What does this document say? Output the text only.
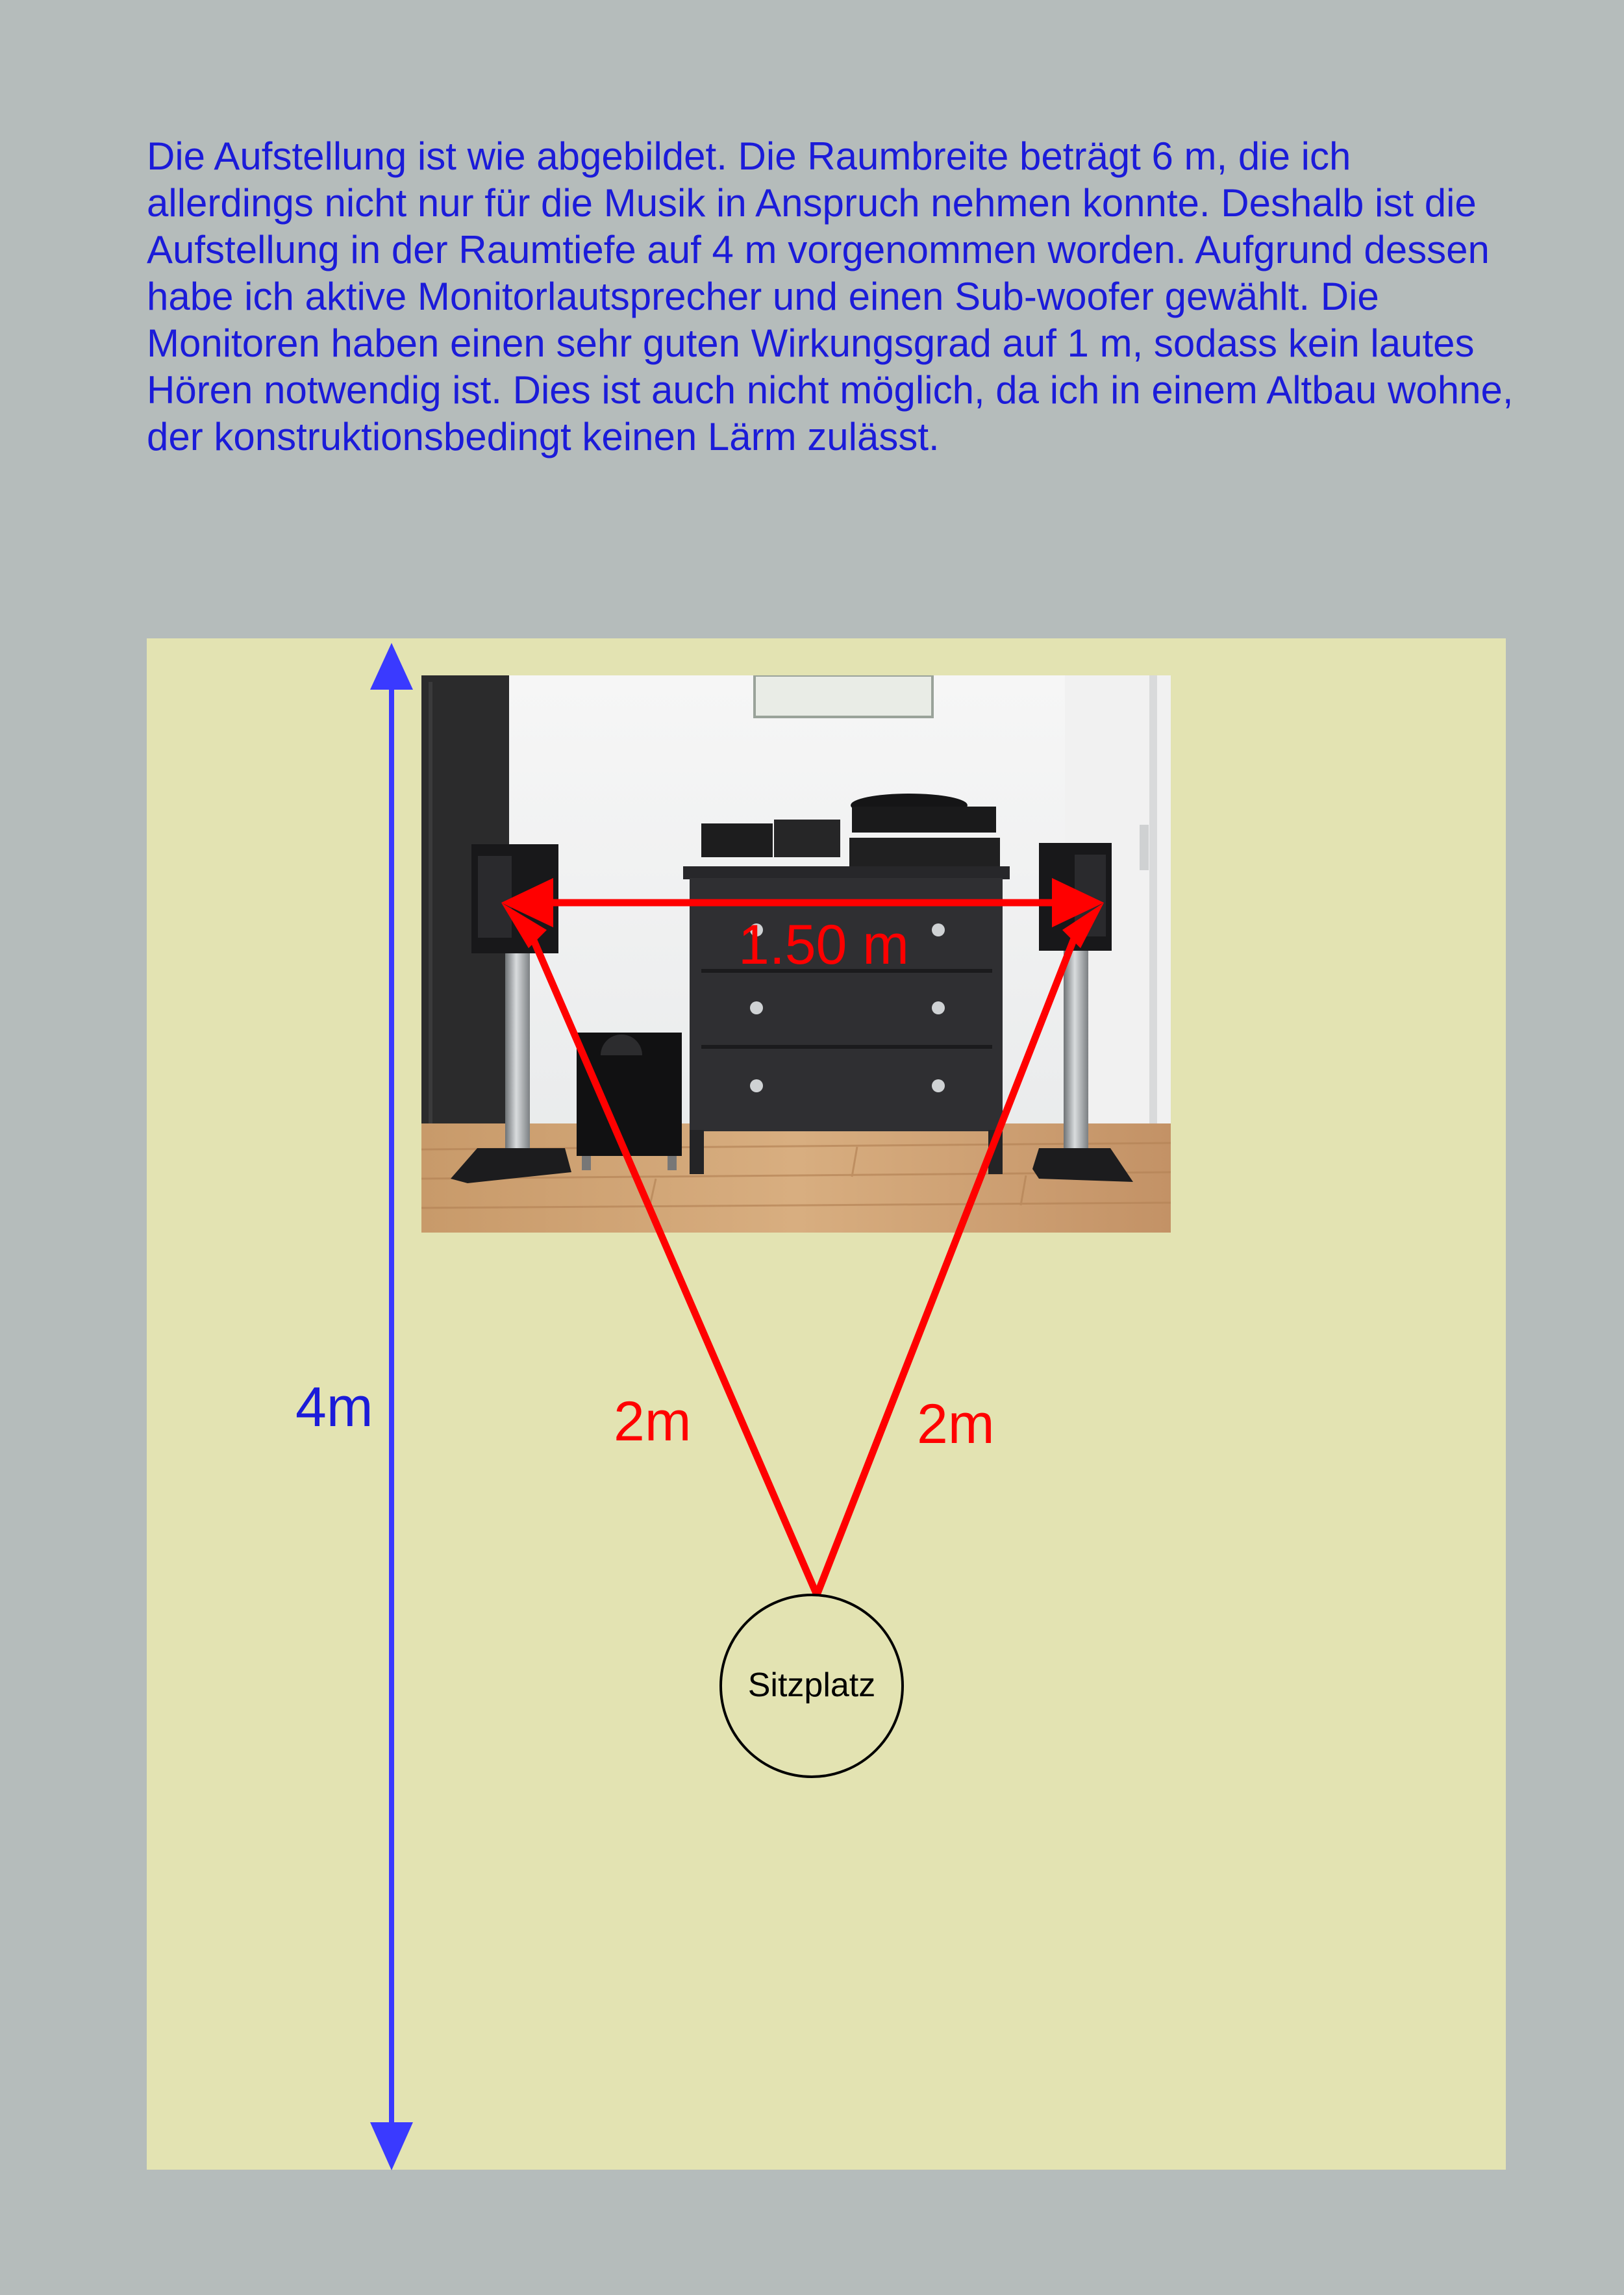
Die Aufstellung ist wie abgebildet. Die Raumbreite beträgt 6 m, die ich allerdings nicht nur für die Musik in Anspruch nehmen konnte. Deshalb ist die Aufstellung in der Raumtiefe auf 4 m vorgenommen worden. Aufgrund dessen habe ich aktive Monitorlautsprecher und einen Sub-woofer gewählt. Die Monitoren haben einen sehr guten Wirkungsgrad auf 1 m, sodass kein lautes Hören notwendig ist. Dies ist auch nicht möglich, da ich in einem Altbau wohne, der konstruktionsbedingt keinen Lärm zulässt.

4m
1.50 m
2m	2m
Sitzplatz
